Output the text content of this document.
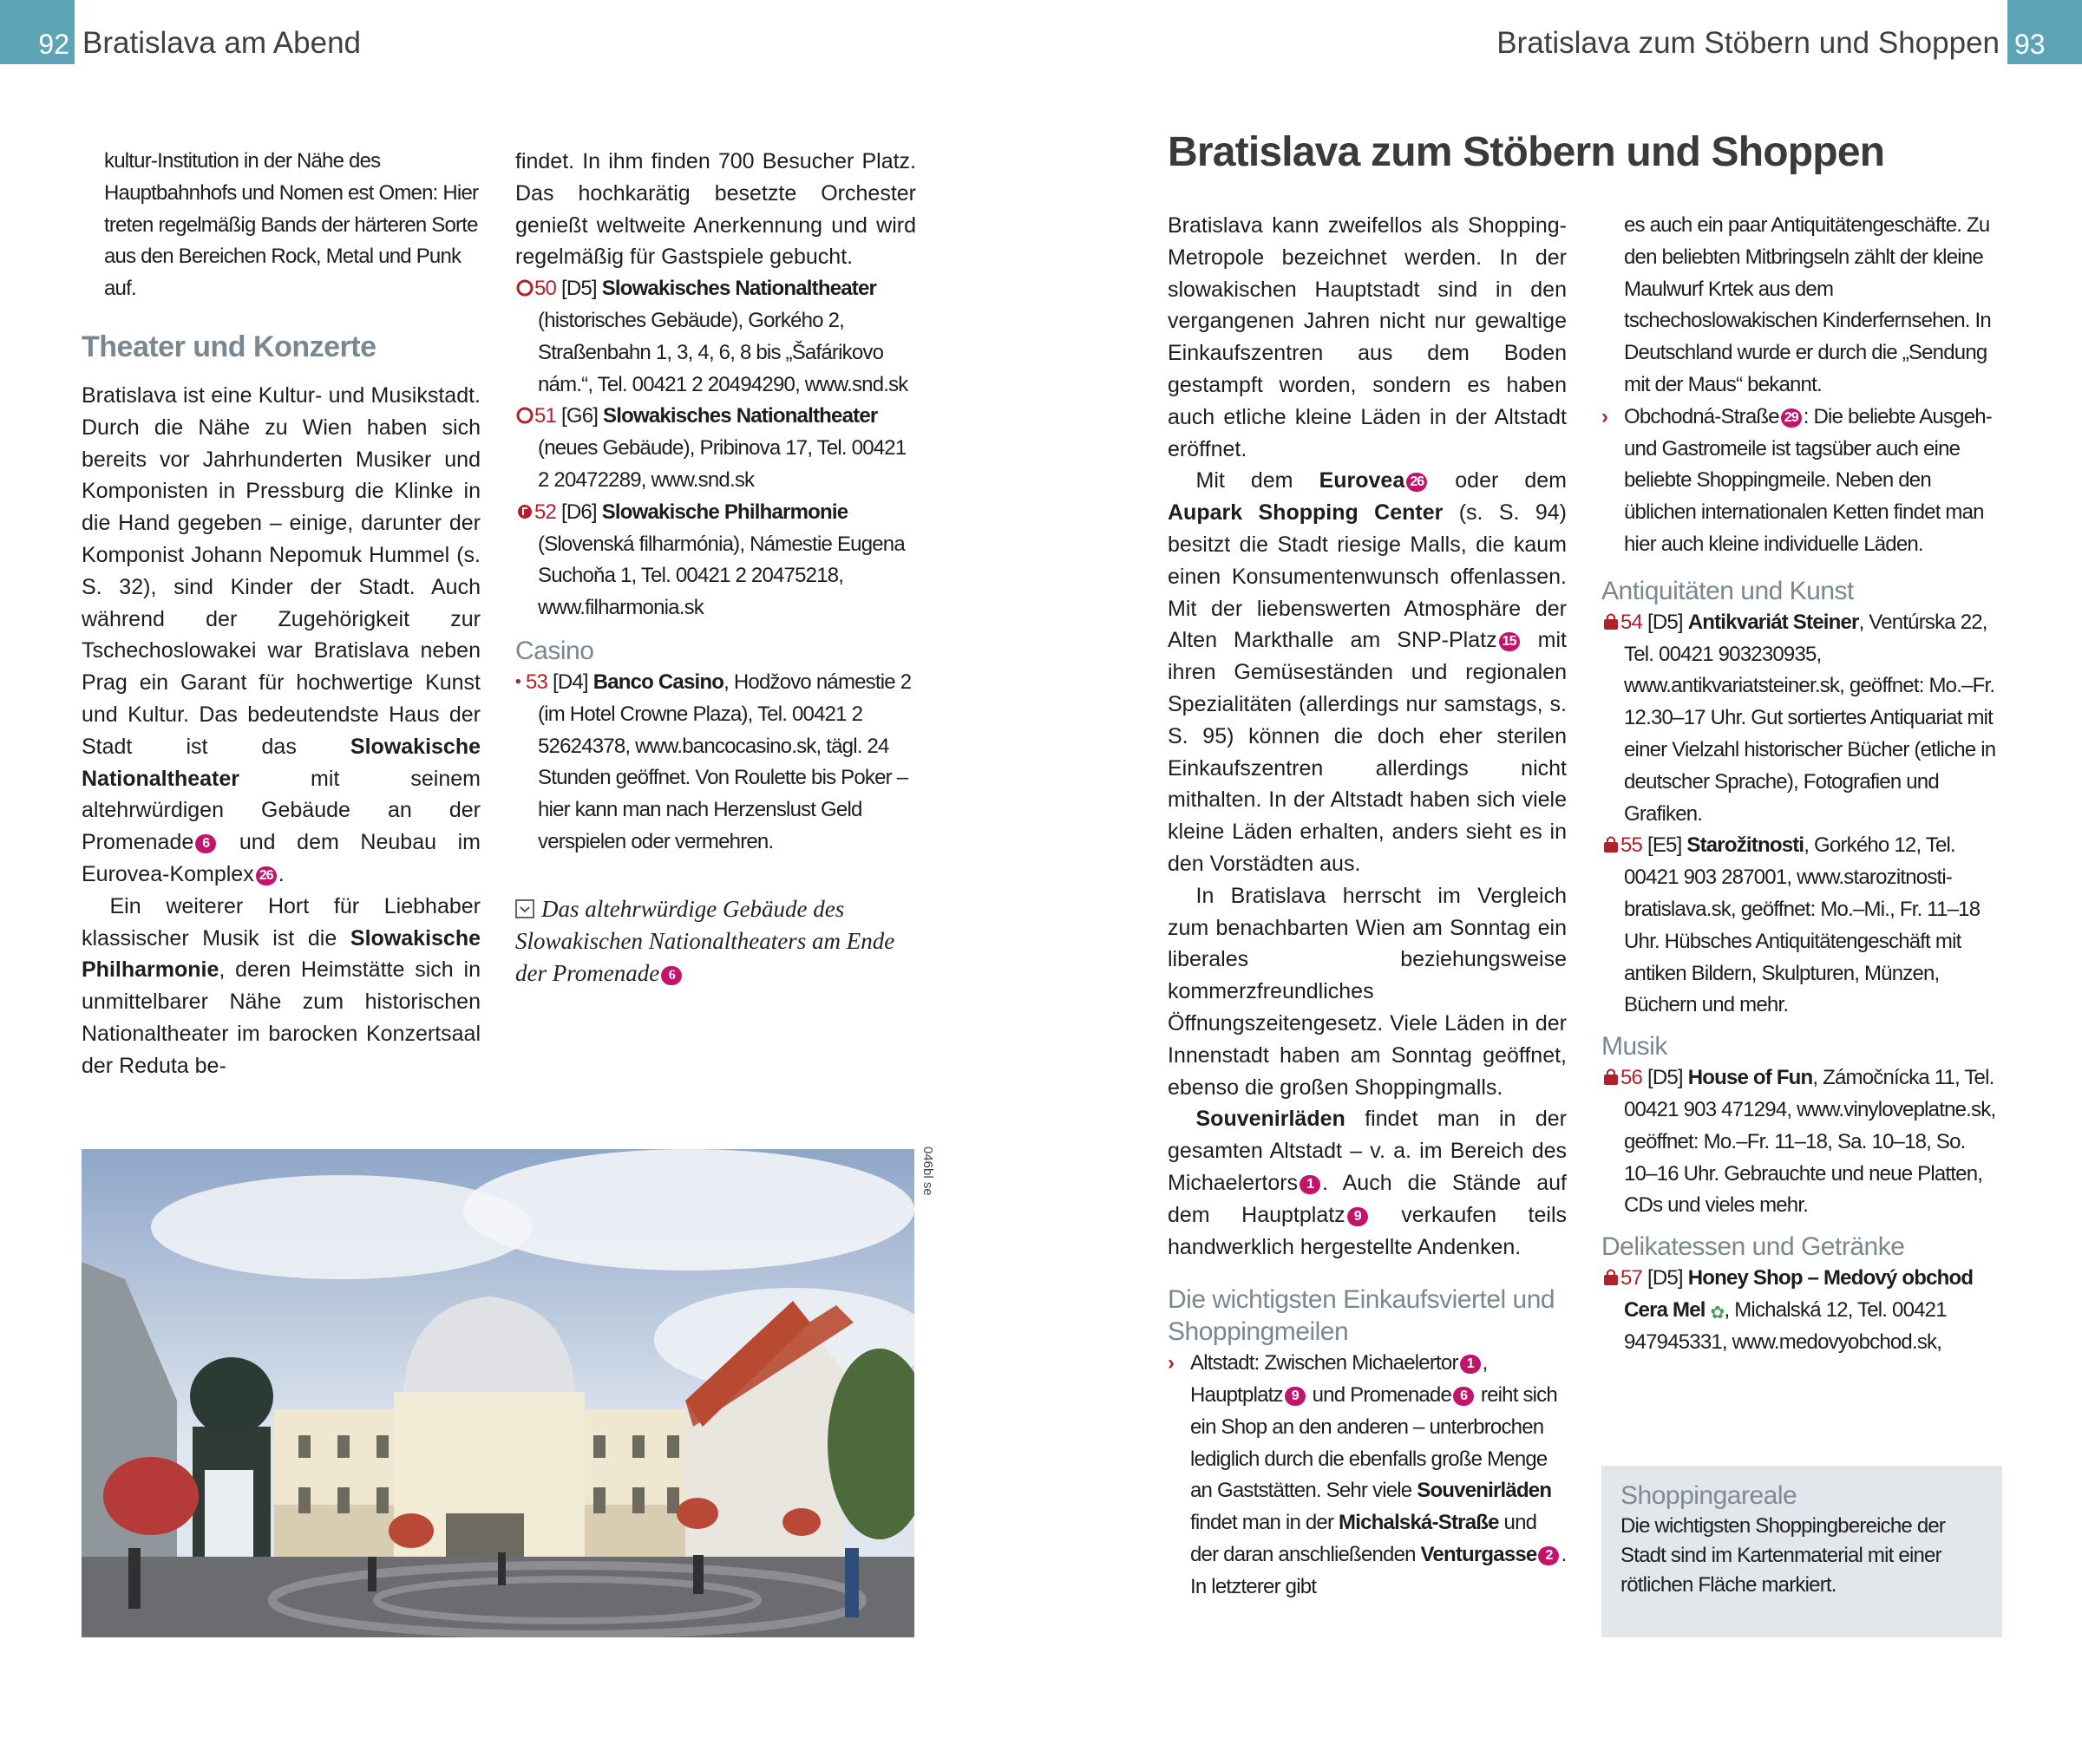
92 Bratislava am Abend

kultur-Institution in der Nähe des Hauptbahnhofs und Nomen est Omen: Hier treten regelmäßig Bands der härteren Sorte aus den Bereichen Rock, Metal und Punk auf.

Theater und Konzerte

Bratislava ist eine Kultur- und Musikstadt. Durch die Nähe zu Wien haben sich bereits vor Jahrhunderten Musiker und Komponisten in Pressburg die Klinke in die Hand gegeben – einige, darunter der Komponist Johann Nepomuk Hummel (s. S. 32), sind Kinder der Stadt. Auch während der Zugehörigkeit zur Tschechoslowakei war Bratislava neben Prag ein Garant für hochwertige Kunst und Kultur. Das bedeutendste Haus der Stadt ist das Slowakische Nationaltheater mit seinem altehrwürdigen Gebäude an der Promenade 6 und dem Neubau im Eurovea-Komplex 26 .

Ein weiterer Hort für Liebhaber klassischer Musik ist die Slowakische Philharmonie, deren Heimstätte sich in unmittelbarer Nähe zum historischen Nationaltheater im barocken Konzertsaal der Reduta be-

findet. In ihm finden 700 Besucher Platz. Das hochkarätig besetzte Orchester genießt weltweite Anerkennung und wird regelmäßig für Gastspiele gebucht.

50 [D5] Slowakisches Nationaltheater (historisches Gebäude), Gorkého 2, Straßenbahn 1, 3, 4, 6, 8 bis „Šafárikovo nám.“, Tel. 00421 2 20494290, www.snd.sk

51 [G6] Slowakisches Nationaltheater (neues Gebäude), Pribinova 17, Tel. 00421 2 20472289, www.snd.sk

52 [D6] Slowakische Philharmonie (Slovenská filharmónia), Námestie Eugena Suchoňa 1, Tel. 00421 2 20475218, www.filharmonia.sk

Casino

53 [D4] Banco Casino, Hodžovo námestie 2 (im Hotel Crowne Plaza), Tel. 00421 2 52624378, www.bancocasino.sk, tägl. 24 Stunden geöffnet. Von Roulette bis Poker – hier kann man nach Herzenslust Geld verspielen oder vermehren.

Das altehrwürdige Gebäude des Slowakischen Nationaltheaters am Ende der Promenade 6
046bl se
Bratislava zum Stöbern und Shoppen 93
Bratislava zum Stöbern und Shoppen

Bratislava kann zweifellos als Shopping-Metropole bezeichnet werden. In der slowakischen Hauptstadt sind in den vergangenen Jahren nicht nur gewaltige Einkaufszentren aus dem Boden gestampft worden, sondern es haben auch etliche kleine Läden in der Altstadt eröffnet.

Mit dem Eurovea 26 oder dem Aupark Shopping Center (s. S. 94) besitzt die Stadt riesige Malls, die kaum einen Konsumentenwunsch offenlassen. Mit der liebenswerten Atmosphäre der Alten Markthalle am SNP-Platz 15 mit ihren Gemüseständen und regionalen Spezialitäten (allerdings nur samstags, s. S. 95) können die doch eher sterilen Einkaufszentren allerdings nicht mithalten. In der Altstadt haben sich viele kleine Läden erhalten, anders sieht es in den Vorstädten aus.

In Bratislava herrscht im Vergleich zum benachbarten Wien am Sonntag ein liberales beziehungsweise kommerzfreundliches Öffnungszeitengesetz. Viele Läden in der Innenstadt haben am Sonntag geöffnet, ebenso die großen Shoppingmalls.

Souvenirläden findet man in der gesamten Altstadt – v. a. im Bereich des Michaelertors 1 . Auch die Stände auf dem Hauptplatz 9 verkaufen teils handwerklich hergestellte Andenken.

Die wichtigsten Einkaufsviertel und Shoppingmeilen

› Altstadt: Zwischen Michaelertor 1 , Hauptplatz 9 und Promenade 6 reiht sich ein Shop an den anderen – unterbrochen lediglich durch die ebenfalls große Menge an Gaststätten. Sehr viele Souvenirläden findet man in der Michalská-Straße und der daran anschließenden Venturgasse 2 . In letzterer gibt

es auch ein paar Antiquitätengeschäfte. Zu den beliebten Mitbringseln zählt der kleine Maulwurf Krtek aus dem tschechoslowakischen Kinderfernsehen. In Deutschland wurde er durch die „Sendung mit der Maus“ bekannt.

› Obchodná-Straße 29 : Die beliebte Ausgeh- und Gastromeile ist tagsüber auch eine beliebte Shoppingmeile. Neben den üblichen internationalen Ketten findet man hier auch kleine individuelle Läden.

Antiquitäten und Kunst

54 [D5] Antikvariát Steiner, Ventúrska 22, Tel. 00421 903230935, www.antikvariatsteiner.sk, geöffnet: Mo.–Fr. 12.30–17 Uhr. Gut sortiertes Antiquariat mit einer Vielzahl historischer Bücher (etliche in deutscher Sprache), Fotografien und Grafiken.

55 [E5] Starožitnosti, Gorkého 12, Tel. 00421 903 287001, www.starozitnosti-bratislava.sk, geöffnet: Mo.–Mi., Fr. 11–18 Uhr. Hübsches Antiquitätengeschäft mit antiken Bildern, Skulpturen, Münzen, Büchern und mehr.

Musik

56 [D5] House of Fun, Zámočnícka 11, Tel. 00421 903 471294, www.vinyloveplatne.sk, geöffnet: Mo.–Fr. 11–18, Sa. 10–18, So. 10–16 Uhr. Gebrauchte und neue Platten, CDs und vieles mehr.

Delikatessen und Getränke

57 [D5] Honey Shop – Medový obchod Cera Mel ✿, Michalská 12, Tel. 00421 947945331, www.medovyobchod.sk,

Shoppingareale

Die wichtigsten Shoppingbereiche der Stadt sind im Kartenmaterial mit einer rötlichen Fläche markiert.
